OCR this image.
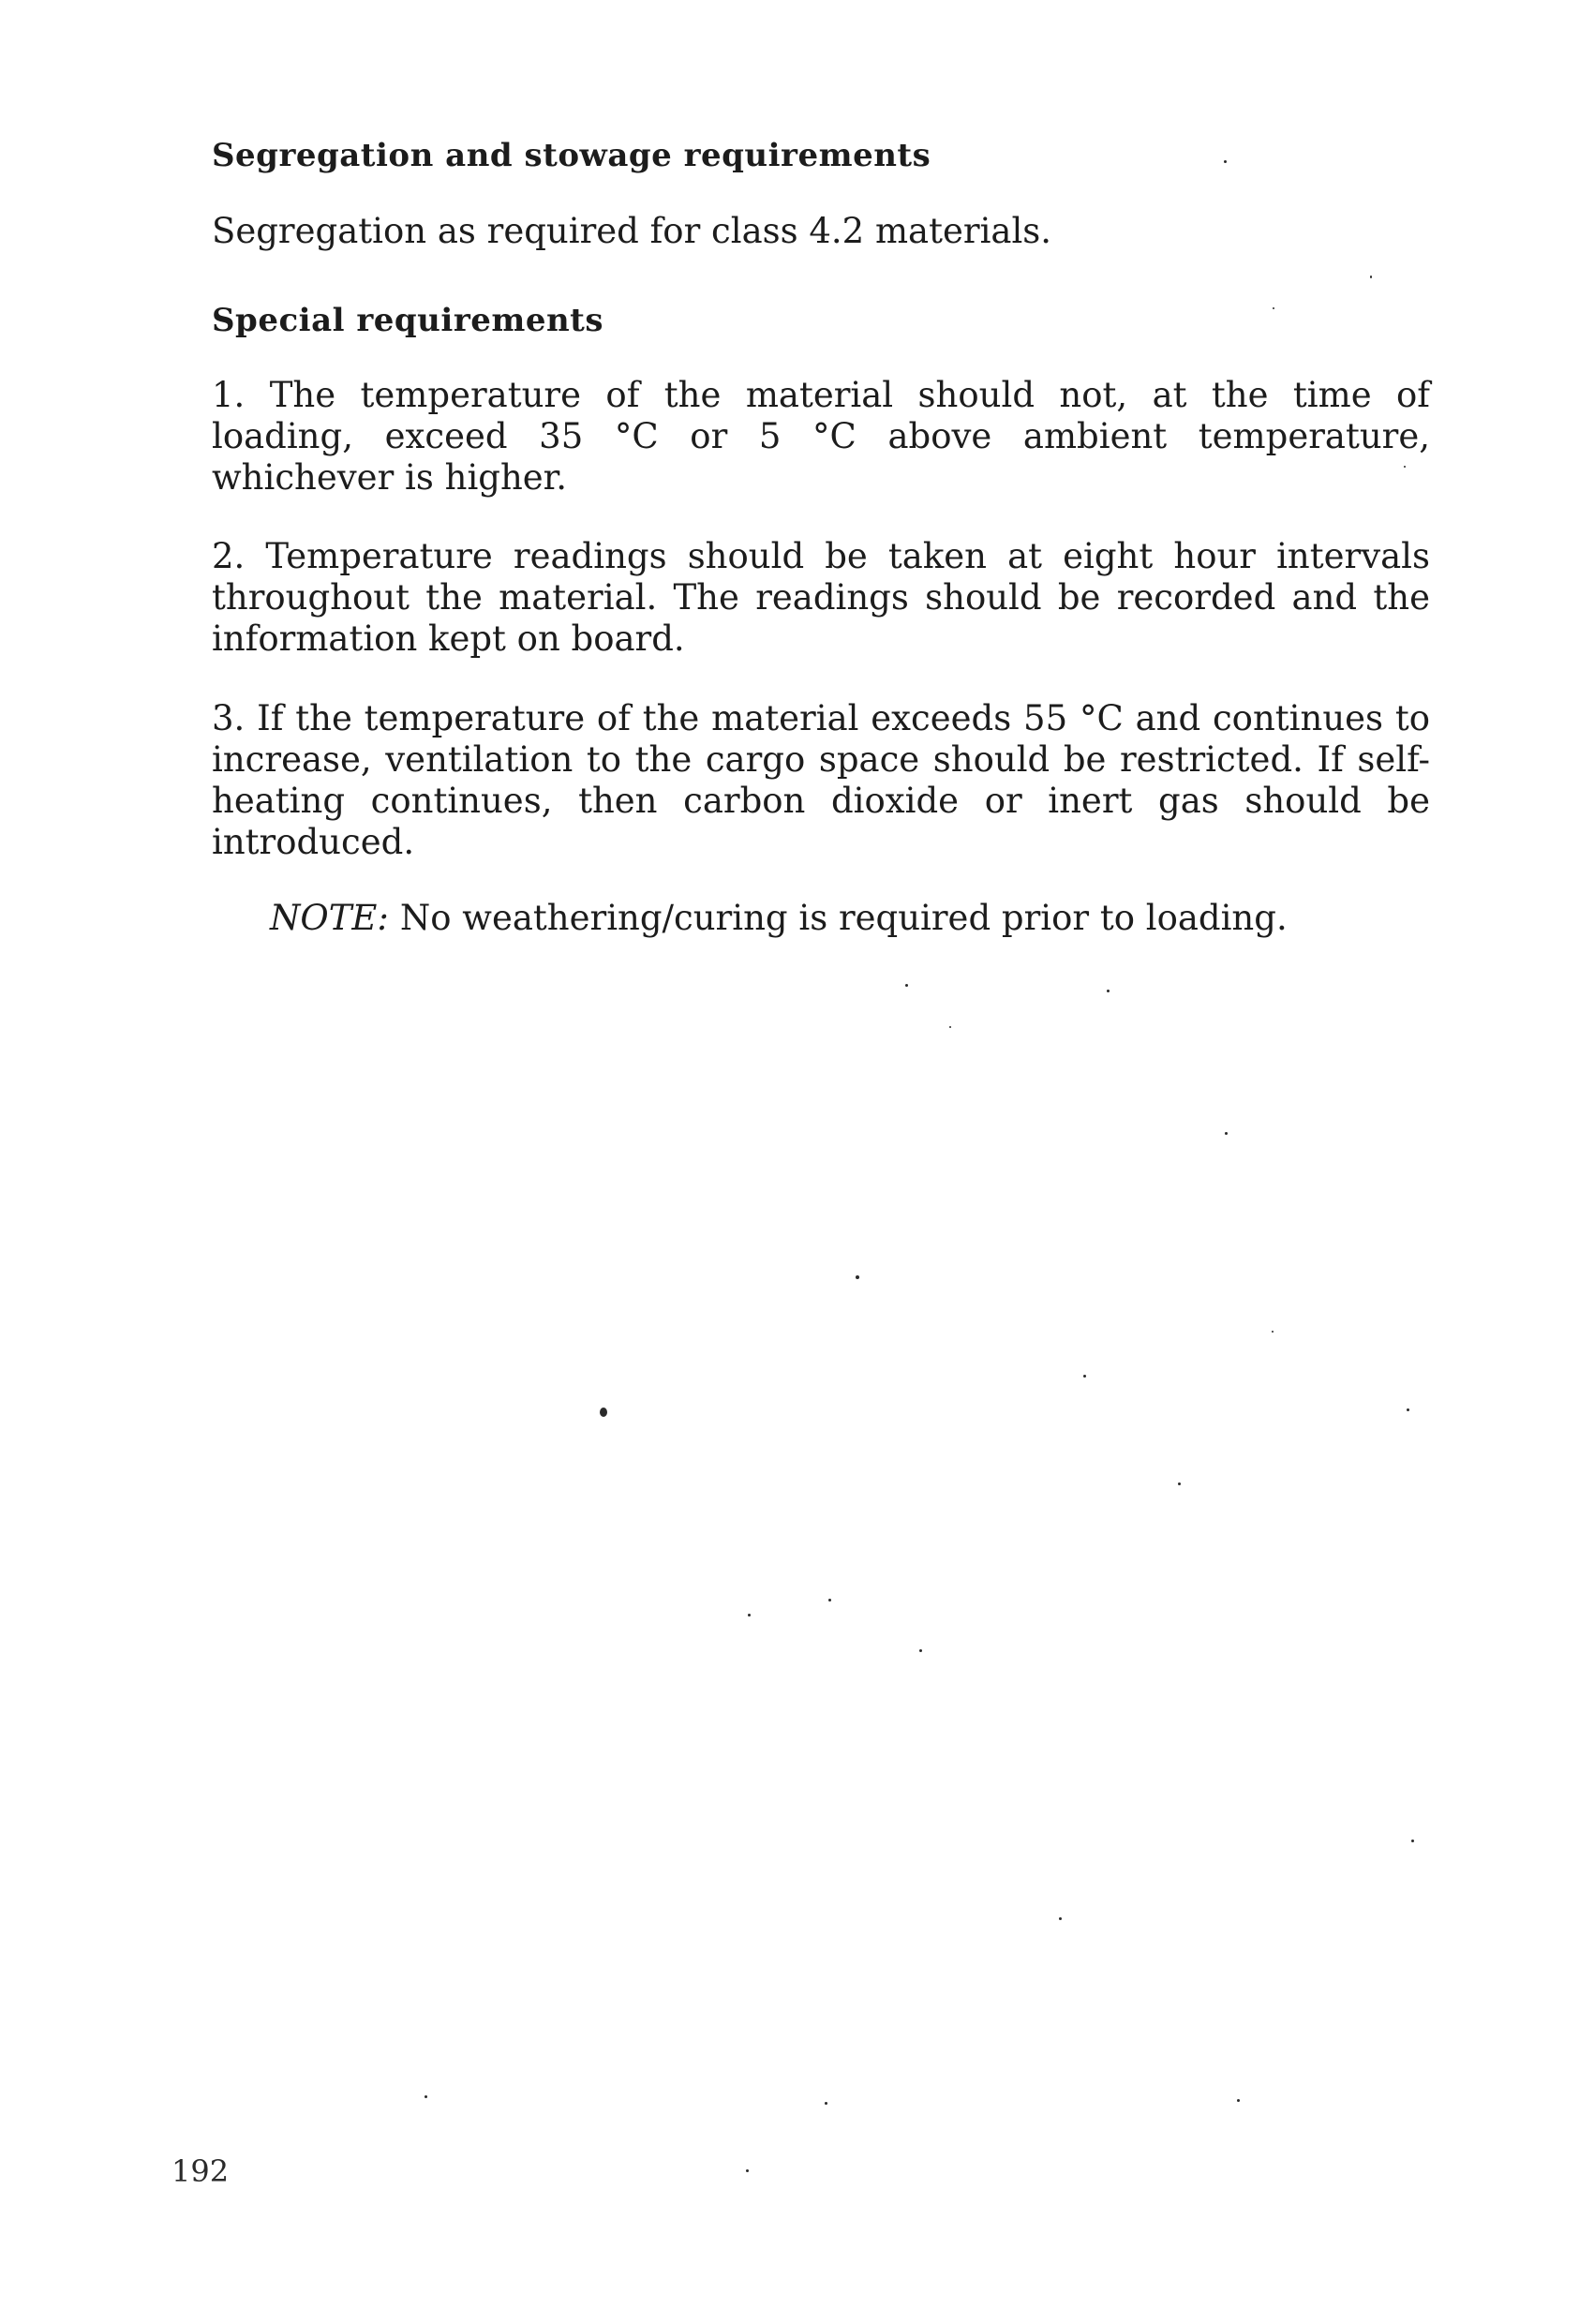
Segregation and stowage requirements
Segregation as required for class 4.2 materials.
Special requirements
1. The temperature of the material should not, at the time of loading, exceed 35 °C or 5 °C above ambient temperature, whichever is higher.
2. Temperature readings should be taken at eight hour intervals throughout the material. The readings should be recorded and the information kept on board.
3. If the temperature of the material exceeds 55 °C and continues to increase, ventilation to the cargo space should be restricted. If self-heating continues, then carbon dioxide or inert gas should be introduced.
NOTE: No weathering/curing is required prior to loading.
192
